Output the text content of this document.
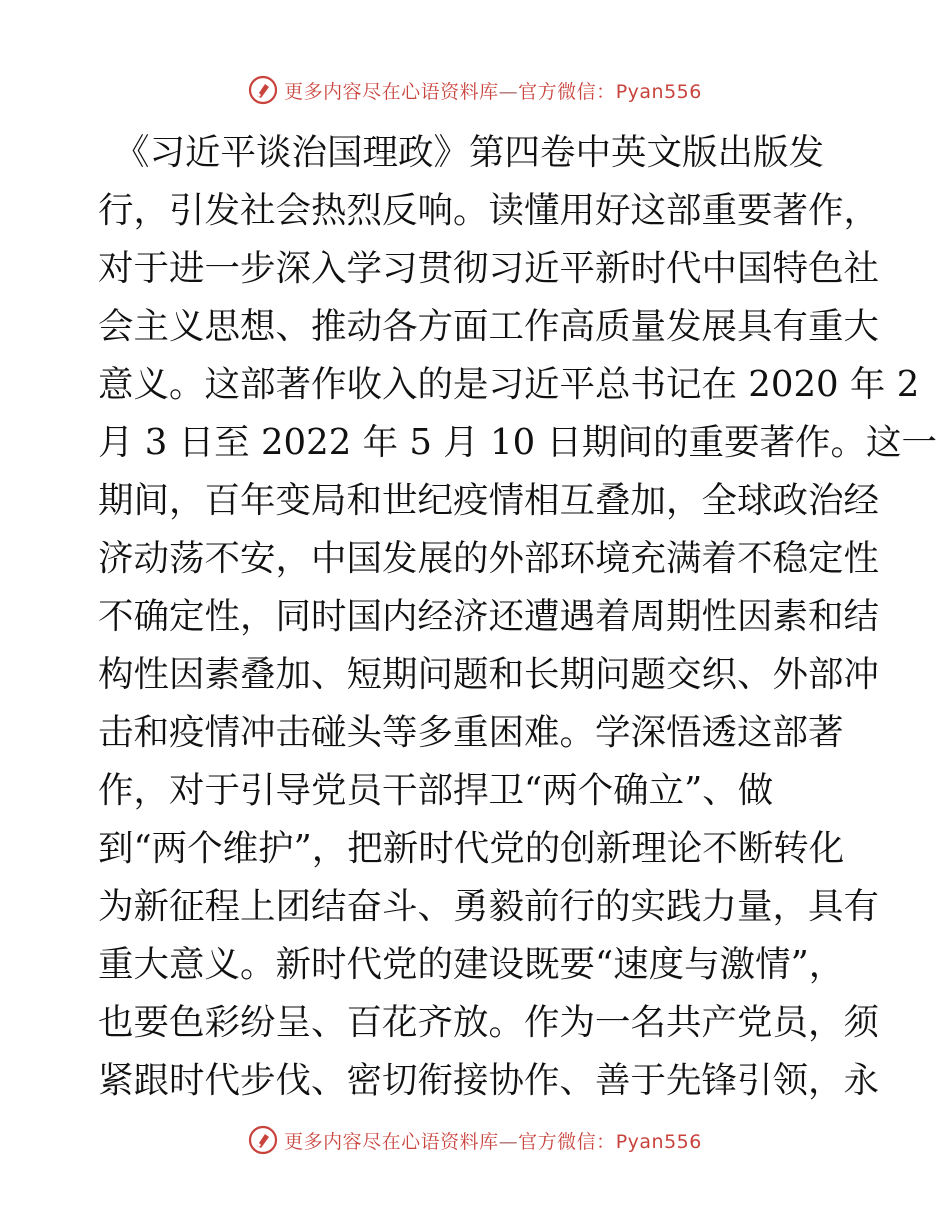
更多内容尽在心语资料库—官方微信：Pyan556
《习近平谈治国理政》第四卷中英文版出版发
行，引发社会热烈反响。读懂用好这部重要著作，
对于进一步深入学习贯彻习近平新时代中国特色社
会主义思想、推动各方面工作高质量发展具有重大
意义。这部著作收入的是习近平总书记在 2020 年 2
月 3 日至 2022 年 5 月 10 日期间的重要著作。这一
期间，百年变局和世纪疫情相互叠加，全球政治经
济动荡不安，中国发展的外部环境充满着不稳定性
不确定性，同时国内经济还遭遇着周期性因素和结
构性因素叠加、短期问题和长期问题交织、外部冲
击和疫情冲击碰头等多重困难。学深悟透这部著
作，对于引导党员干部捍卫“两个确立”、做
到“两个维护”，把新时代党的创新理论不断转化
为新征程上团结奋斗、勇毅前行的实践力量，具有
重大意义。新时代党的建设既要“速度与激情”，
也要色彩纷呈、百花齐放。作为一名共产党员，须
紧跟时代步伐、密切衔接协作、善于先锋引领，永
更多内容尽在心语资料库—官方微信：Pyan556
